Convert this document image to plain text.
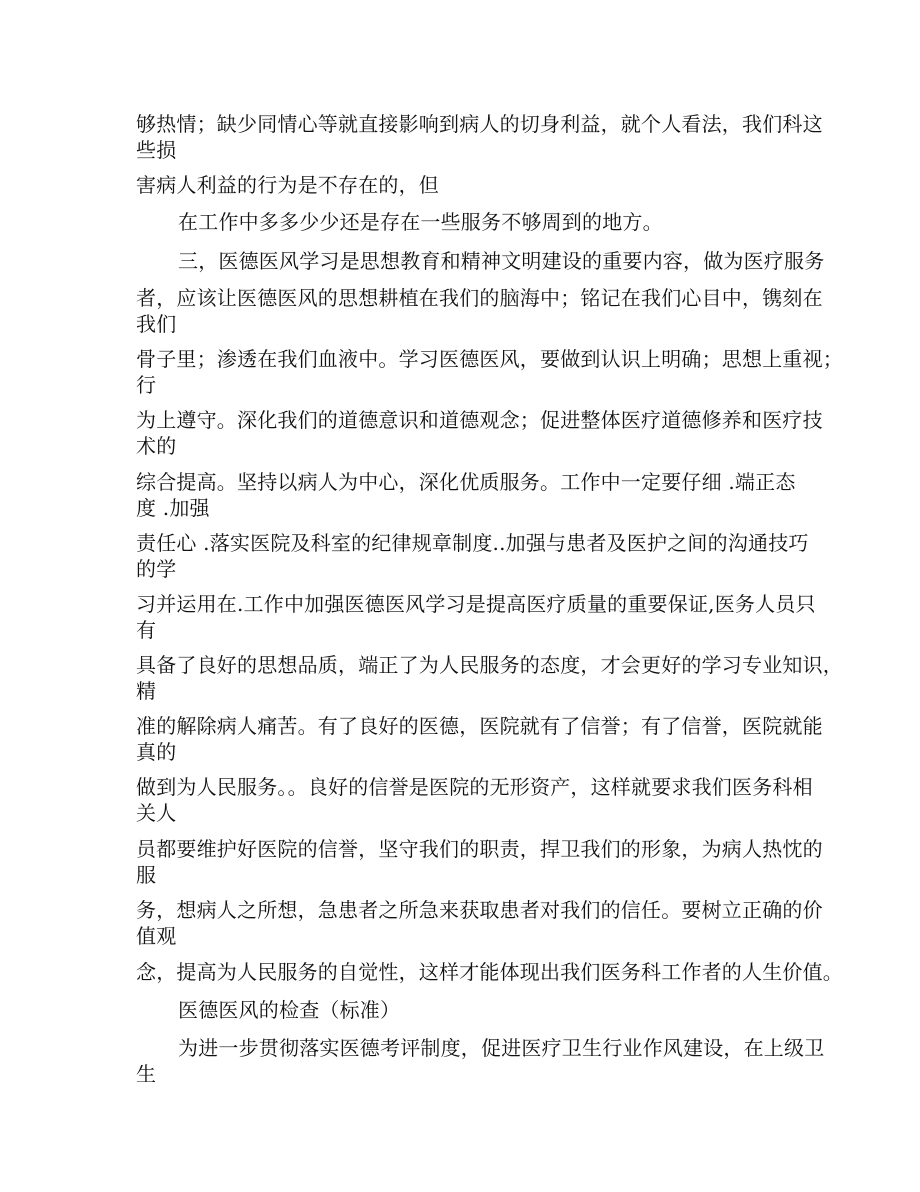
够热情；缺少同情心等就直接影响到病人的切身利益，就个人看法，我们科这
些损
害病人利益的行为是不存在的，但
在工作中多多少少还是存在一些服务不够周到的地方。
三，医德医风学习是思想教育和精神文明建设的重要内容，做为医疗服务
者，应该让医德医风的思想耕植在我们的脑海中；铭记在我们心目中，镌刻在
我们
骨子里；渗透在我们血液中。学习医德医风，要做到认识上明确；思想上重视；
行
为上遵守。深化我们的道德意识和道德观念；促进整体医疗道德修养和医疗技
术的
综合提高。坚持以病人为中心，深化优质服务。工作中一定要仔细 .端正态
度 .加强
责任心 .落实医院及科室的纪律规章制度..加强与患者及医护之间的沟通技巧
的学
习并运用在.工作中加强医德医风学习是提高医疗质量的重要保证,医务人员只
有
具备了良好的思想品质，端正了为人民服务的态度，才会更好的学习专业知识，
精
准的解除病人痛苦。有了良好的医德，医院就有了信誉；有了信誉，医院就能
真的
做到为人民服务。。良好的信誉是医院的无形资产，这样就要求我们医务科相
关人
员都要维护好医院的信誉，坚守我们的职责，捍卫我们的形象，为病人热忱的
服
务，想病人之所想，急患者之所急来获取患者对我们的信任。要树立正确的价
值观
念，提高为人民服务的自觉性，这样才能体现出我们医务科工作者的人生价值。
医德医风的检查（标准）
为进一步贯彻落实医德考评制度，促进医疗卫生行业作风建设，在上级卫
生
